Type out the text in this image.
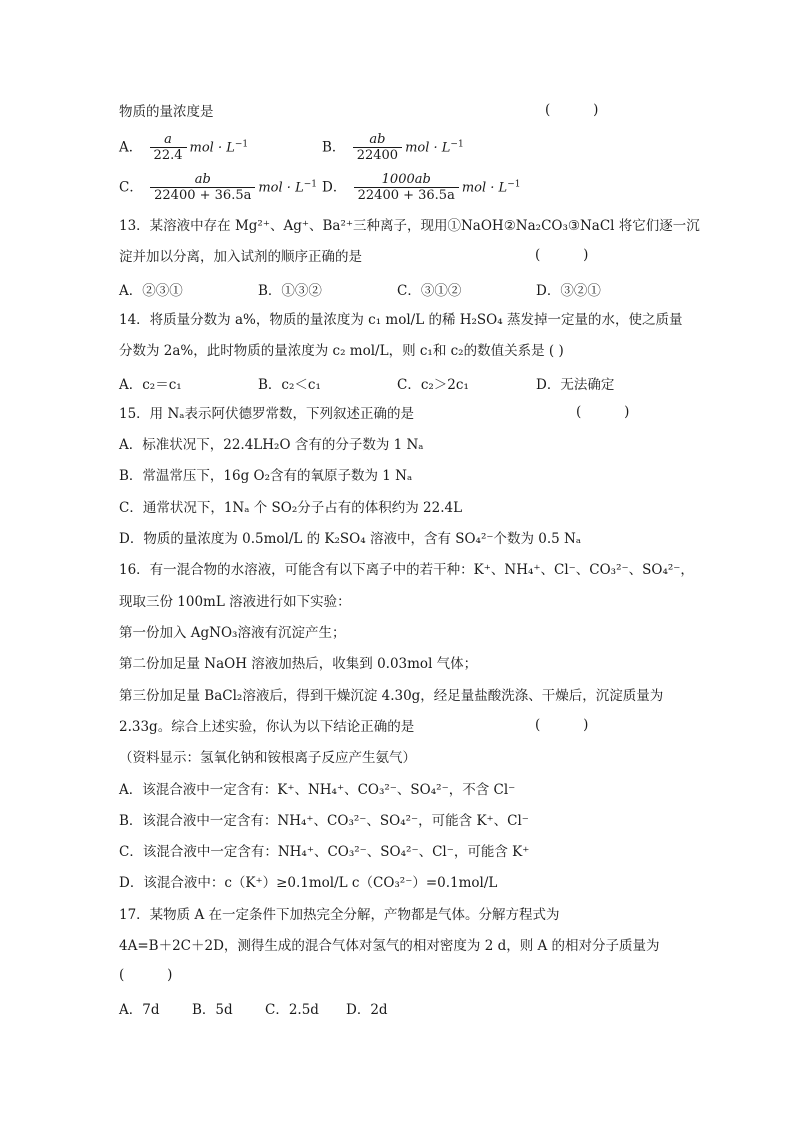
物质的量浓度是	(          )
A． $\frac{a}{22.4}$ mol · $L^{-1}$	B． $\frac{ab}{22400}$ mol · $L^{-1}$
C． $\frac{ab}{22400 + 36.5a}$ mol · $L^{-1}$ D． $\frac{1000ab}{22400 + 36.5a}$ mol · $L^{-1}$
13．某溶液中存在 Mg²⁺、Ag⁺、Ba²⁺三种离子，现用①NaOH②Na₂CO₃③NaCl 将它们逐一沉
淀并加以分离，加入试剂的顺序正确的是	(          )
A．②③①	B．①③②	C．③①②	D．③②①
14．将质量分数为 a%，物质的量浓度为 c₁ mol/L 的稀 H₂SO₄ 蒸发掉一定量的水，使之质量
分数为 2a%，此时物质的量浓度为 c₂ mol/L，则 c₁和 c₂的数值关系是 ( )
A．c₂＝c₁	B．c₂＜c₁	C．c₂＞2c₁	D．无法确定
15．用 Nₐ表示阿伏德罗常数，下列叙述正确的是	(          )
A．标准状况下，22.4LH₂O 含有的分子数为 1 Nₐ
B．常温常压下，16g O₂含有的氧原子数为 1 Nₐ
C．通常状况下，1Nₐ 个 SO₂分子占有的体积约为 22.4L
D．物质的量浓度为 0.5mol/L 的 K₂SO₄ 溶液中，含有 SO₄²⁻个数为 0.5 Nₐ
16．有一混合物的水溶液，可能含有以下离子中的若干种：K⁺、NH₄⁺、Cl⁻、CO₃²⁻、SO₄²⁻，
现取三份 100mL 溶液进行如下实验：
第一份加入 AgNO₃溶液有沉淀产生；
第二份加足量 NaOH 溶液加热后，收集到 0.03mol 气体；
第三份加足量 BaCl₂溶液后，得到干燥沉淀 4.30g，经足量盐酸洗涤、干燥后，沉淀质量为
2.33g。综合上述实验，你认为以下结论正确的是	(          )
（资料显示：氢氧化钠和铵根离子反应产生氨气）
A．该混合液中一定含有：K⁺、NH₄⁺、CO₃²⁻、SO₄²⁻，不含 Cl⁻
B．该混合液中一定含有：NH₄⁺、CO₃²⁻、SO₄²⁻，可能含 K⁺、Cl⁻
C．该混合液中一定含有：NH₄⁺、CO₃²⁻、SO₄²⁻、Cl⁻，可能含 K⁺
D．该混合液中：c（K⁺）≥0.1mol/L c（CO₃²⁻）=0.1mol/L
17．某物质 A 在一定条件下加热完全分解，产物都是气体。分解方程式为
4A=B＋2C＋2D，测得生成的混合气体对氢气的相对密度为 2 d，则 A 的相对分子质量为
(          )
A．7d B．5d C．2.5d D．2d
